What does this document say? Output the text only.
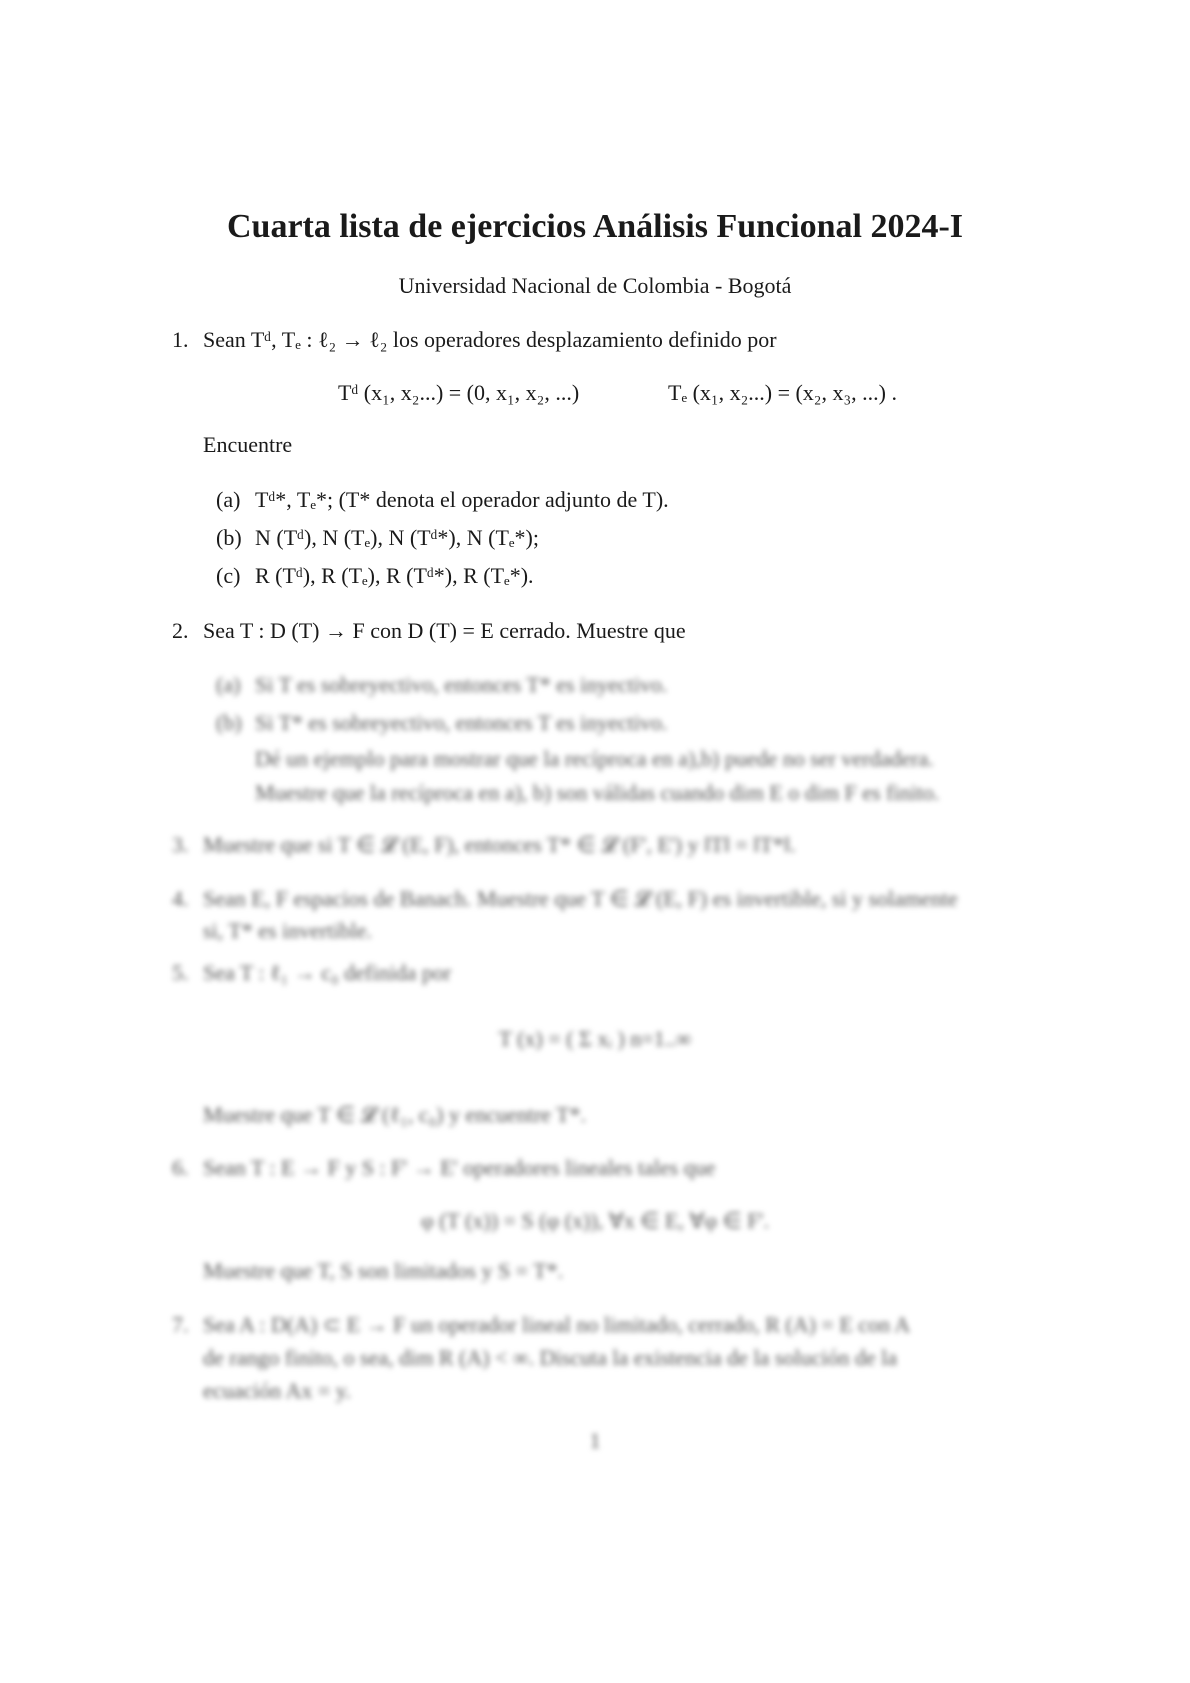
Cuarta lista de ejercicios Análisis Funcional 2024-I
Universidad Nacional de Colombia - Bogotá
1. Sean Tᵈ, Tₑ : ℓ₂ → ℓ₂ los operadores desplazamiento definido por
Tᵈ (x₁, x₂...) = (0, x₁, x₂, ...)	Tₑ (x₁, x₂...) = (x₂, x₃, ...) .
Encuentre
(a) Tᵈ*, Tₑ*; (T* denota el operador adjunto de T).
(b) N (Tᵈ), N (Tₑ), N (Tᵈ*), N (Tₑ*);
(c) R (Tᵈ), R (Tₑ), R (Tᵈ*), R (Tₑ*).
2. Sea T : D (T) → F con D (T) = E cerrado. Muestre que
(a) Si T es sobreyectivo, entonces T* es inyectivo.
(b) Si T* es sobreyectivo, entonces T es inyectivo.
Dé un ejemplo para mostrar que la recíproca en a),b) puede no ser verdadera.
Muestre que la recíproca en a), b) son válidas cuando dim E o dim F es finito.
3. Muestre que si T ∈ 𝓛 (E, F), entonces T* ∈ 𝓛 (F', E') y ‖T‖ = ‖T*‖.
4. Sean E, F espacios de Banach. Muestre que T ∈ 𝓛 (E, F) es invertible, si y solamente
si, T* es invertible.
5. Sea T : ℓ₁ → c₀ definida por
T (x) = ( Σ xᵢ ) n=1..∞
Muestre que T ∈ 𝓛 (ℓ₁, c₀) y encuentre T*.
6. Sean T : E → F y S : F' → E' operadores lineales tales que
φ (T (x)) = S (φ (x)), ∀x ∈ E, ∀φ ∈ F'.
Muestre que T, S son limitados y S = T*.
7. Sea A : D(A) ⊂ E → F un operador lineal no limitado, cerrado, R (A) = E con A
de rango finito, o sea, dim R (A) < ∞. Discuta la existencia de la solución de la
ecuación Ax = y.
1
